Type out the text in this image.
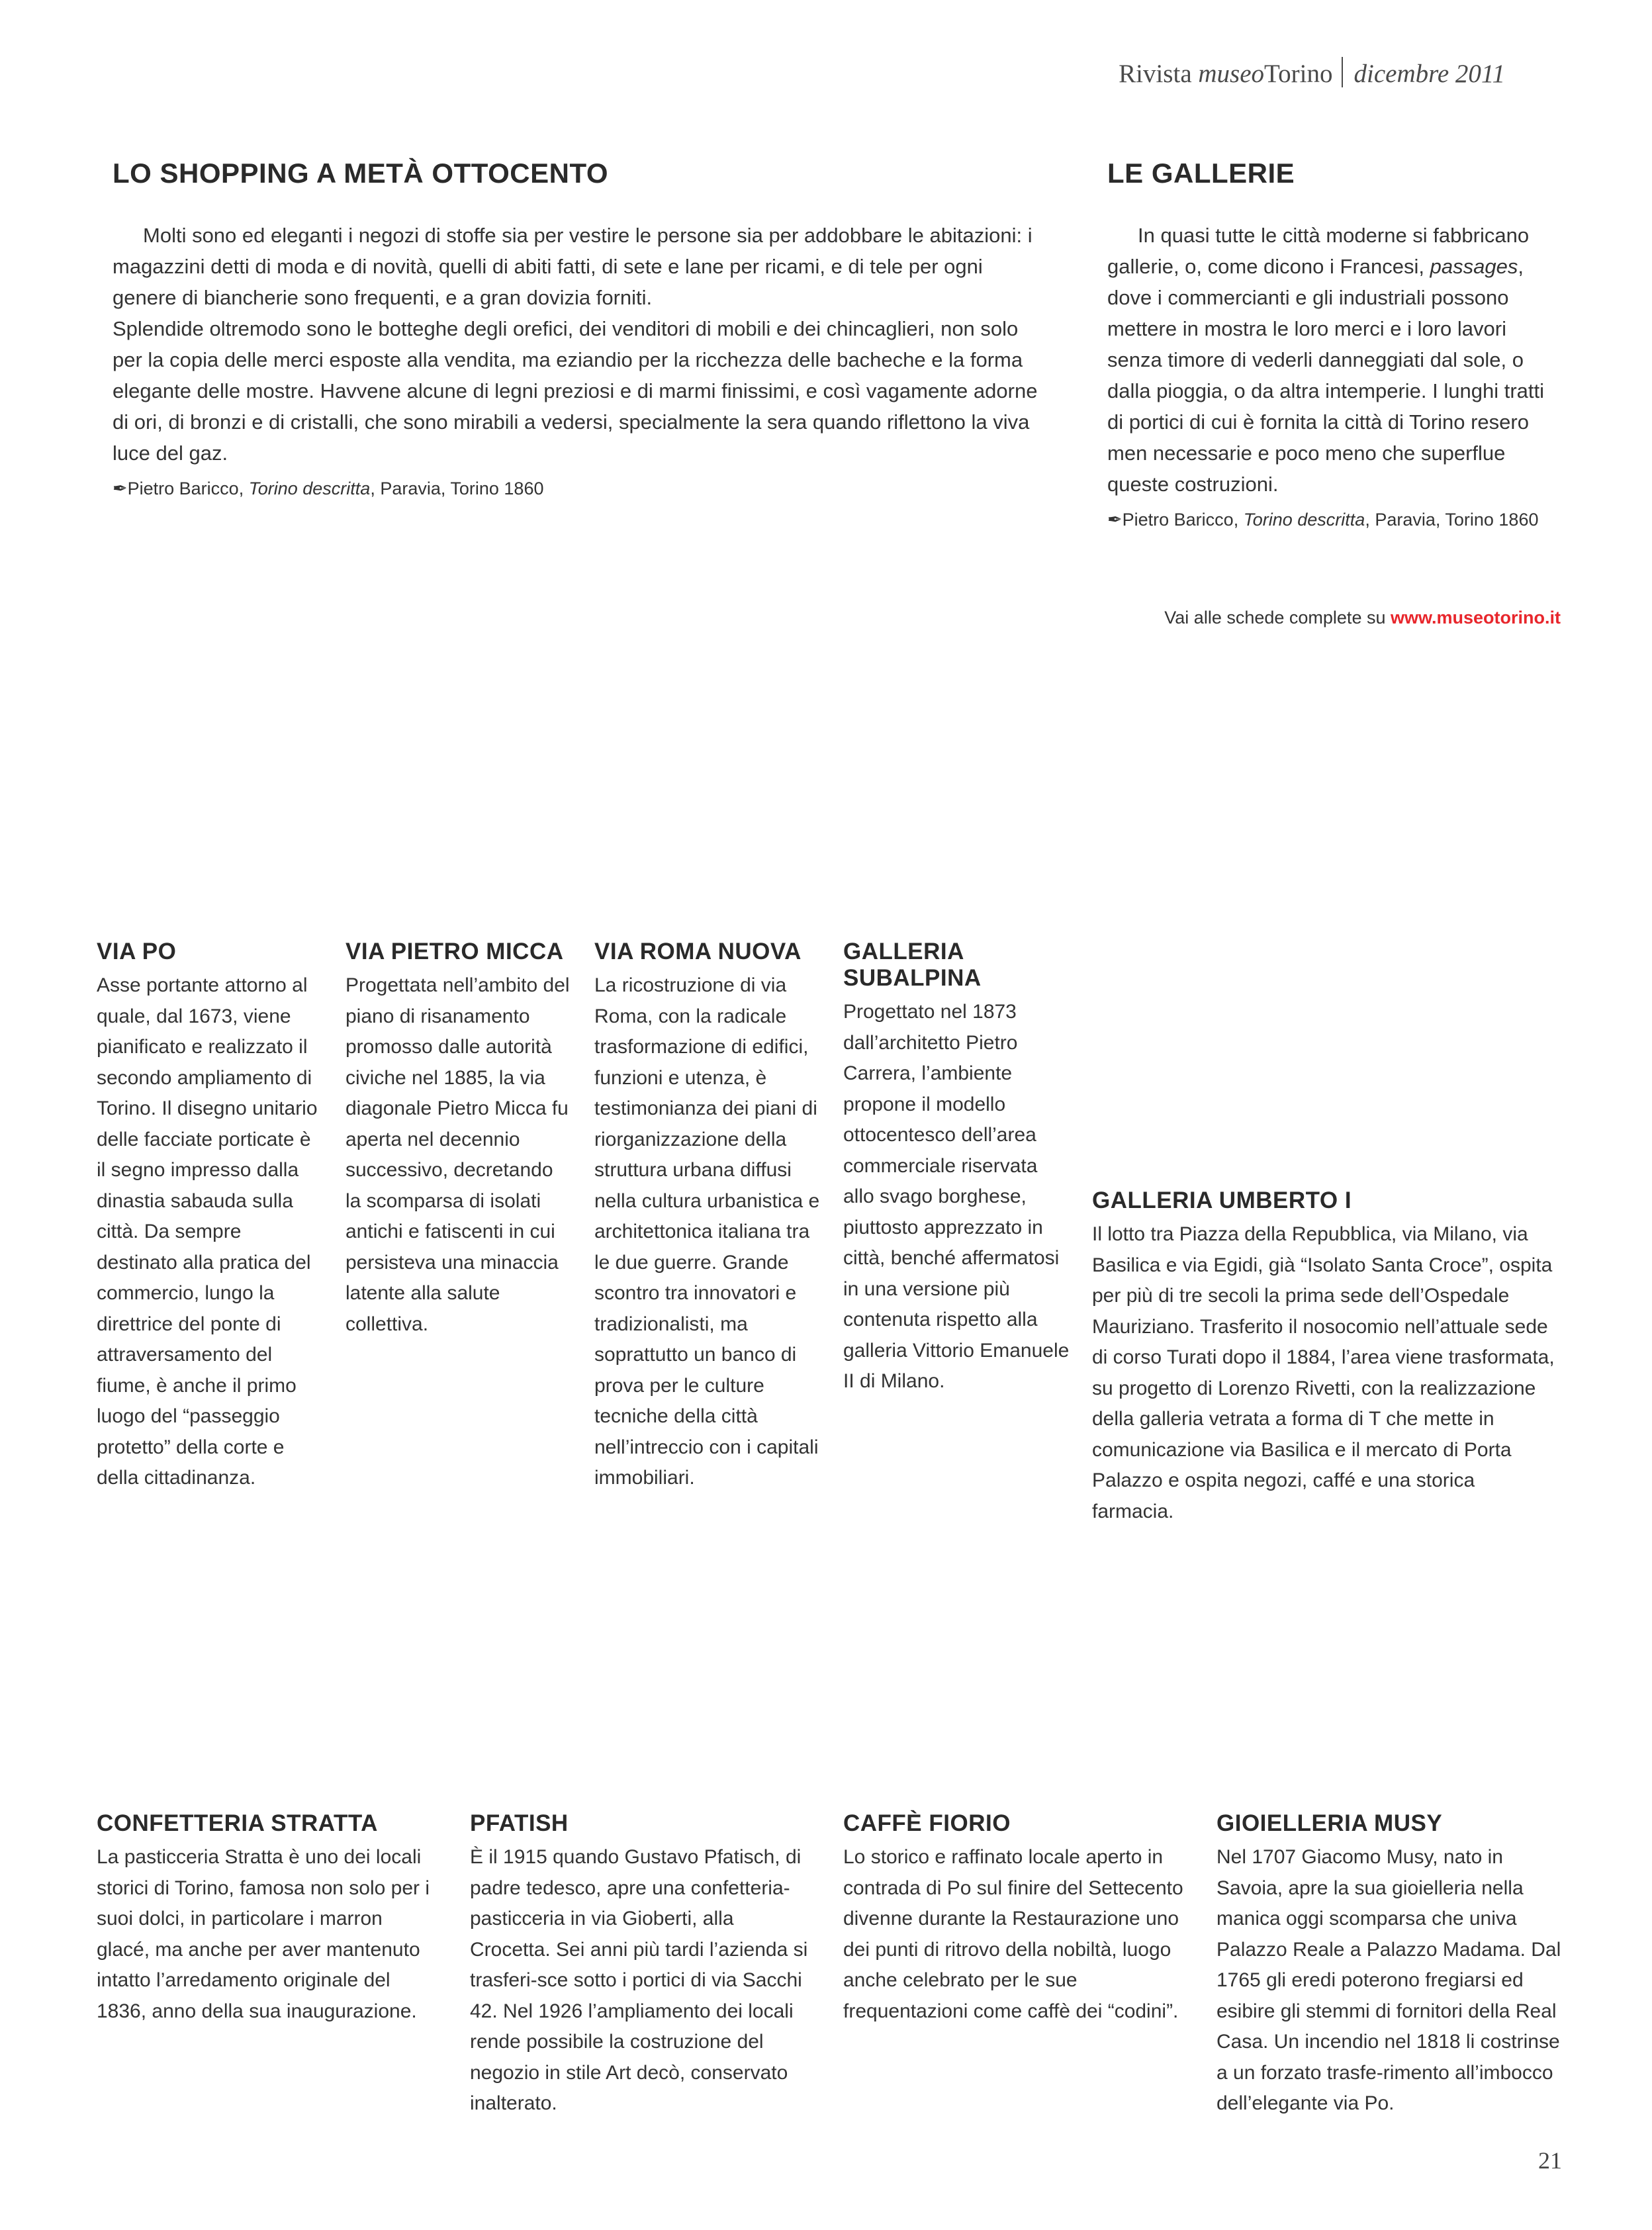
Rivista museoTorino dicembre 2011
LO SHOPPING A METÀ OTTOCENTO

Molti sono ed eleganti i negozi di stoffe sia per vestire le persone sia per addobbare le abitazioni: i magazzini detti di moda e di novità, quelli di abiti fatti, di sete e lane per ricami, e di tele per ogni genere di biancherie sono frequenti, e a gran dovizia forniti.

Splendide oltremodo sono le botteghe degli orefici, dei venditori di mobili e dei chincaglieri, non solo per la copia delle merci esposte alla vendita, ma eziandio per la ricchezza delle bacheche e la forma elegante delle mostre. Havvene alcune di legni preziosi e di marmi finissimi, e così vagamente adorne di ori, di bronzi e di cristalli, che sono mirabili a vedersi, specialmente la sera quando riflettono la viva luce del gaz.

✒Pietro Baricco, Torino descritta, Paravia, Torino 1860
LE GALLERIE

In quasi tutte le città moderne si fabbricano gallerie, o, come dicono i Francesi, passages, dove i commercianti e gli industriali possono mettere in mostra le loro merci e i loro lavori senza timore di vederli danneggiati dal sole, o dalla pioggia, o da altra intemperie. I lunghi tratti di portici di cui è fornita la città di Torino resero men necessarie e poco meno che superflue queste costruzioni.

✒Pietro Baricco, Torino descritta, Paravia, Torino 1860
Vai alle schede complete su www.museotorino.it
VIA PO
Asse portante attorno al quale, dal 1673, viene pianificato e realizzato il secondo ampliamento di Torino. Il disegno unitario delle facciate porticate è il segno impresso dalla dinastia sabauda sulla città. Da sempre destinato alla pratica del commercio, lungo la direttrice del ponte di attraversamento del fiume, è anche il primo luogo del “passeggio protetto” della corte e della cittadinanza.
VIA PIETRO MICCA
Progettata nell’ambito del piano di risanamento promosso dalle autorità civiche nel 1885, la via diagonale Pietro Micca fu aperta nel decennio successivo, decretando la scomparsa di isolati antichi e fatiscenti in cui persisteva una minaccia latente alla salute collettiva.
VIA ROMA NUOVA
La ricostruzione di via Roma, con la radicale trasformazione di edifici, funzioni e utenza, è testimonianza dei piani di riorganizzazione della struttura urbana diffusi nella cultura urbanistica e architettonica italiana tra le due guerre. Grande scontro tra innovatori e tradizionalisti, ma soprattutto un banco di prova per le culture tecniche della città nell’intreccio con i capitali immobiliari.
GALLERIA SUBALPINA
Progettato nel 1873 dall’architetto Pietro Carrera, l’ambiente propone il modello ottocentesco dell’area commerciale riservata allo svago borghese, piuttosto apprezzato in città, benché affermatosi in una versione più contenuta rispetto alla galleria Vittorio Emanuele II di Milano.
GALLERIA UMBERTO I
Il lotto tra Piazza della Repubblica, via Milano, via Basilica e via Egidi, già “Isolato Santa Croce”, ospita per più di tre secoli la prima sede dell’Ospedale Mauriziano. Trasferito il nosocomio nell’attuale sede di corso Turati dopo il 1884, l’area viene trasformata, su progetto di Lorenzo Rivetti, con la realizzazione della galleria vetrata a forma di T che mette in comunicazione via Basilica e il mercato di Porta Palazzo e ospita negozi, caffé e una storica farmacia.
CONFETTERIA STRATTA
La pasticceria Stratta è uno dei locali storici di Torino, famosa non solo per i suoi dolci, in particolare i marron glacé, ma anche per aver mantenuto intatto l’arredamento originale del 1836, anno della sua inaugurazione.
PFATISH
È il 1915 quando Gustavo Pfatisch, di padre tedesco, apre una confetteria-pasticceria in via Gioberti, alla Crocetta. Sei anni più tardi l’azienda si trasferi-sce sotto i portici di via Sacchi 42. Nel 1926 l’ampliamento dei locali rende possibile la costruzione del negozio in stile Art decò, conservato inalterato.
CAFFÈ FIORIO
Lo storico e raffinato locale aperto in contrada di Po sul finire del Settecento divenne durante la Restaurazione uno dei punti di ritrovo della nobiltà, luogo anche celebrato per le sue frequentazioni come caffè dei “codini”.
GIOIELLERIA MUSY
Nel 1707 Giacomo Musy, nato in Savoia, apre la sua gioielleria nella manica oggi scomparsa che univa Palazzo Reale a Palazzo Madama. Dal 1765 gli eredi poterono fregiarsi ed esibire gli stemmi di fornitori della Real Casa. Un incendio nel 1818 li costrinse a un forzato trasfe-rimento all’imbocco dell’elegante via Po.
21
